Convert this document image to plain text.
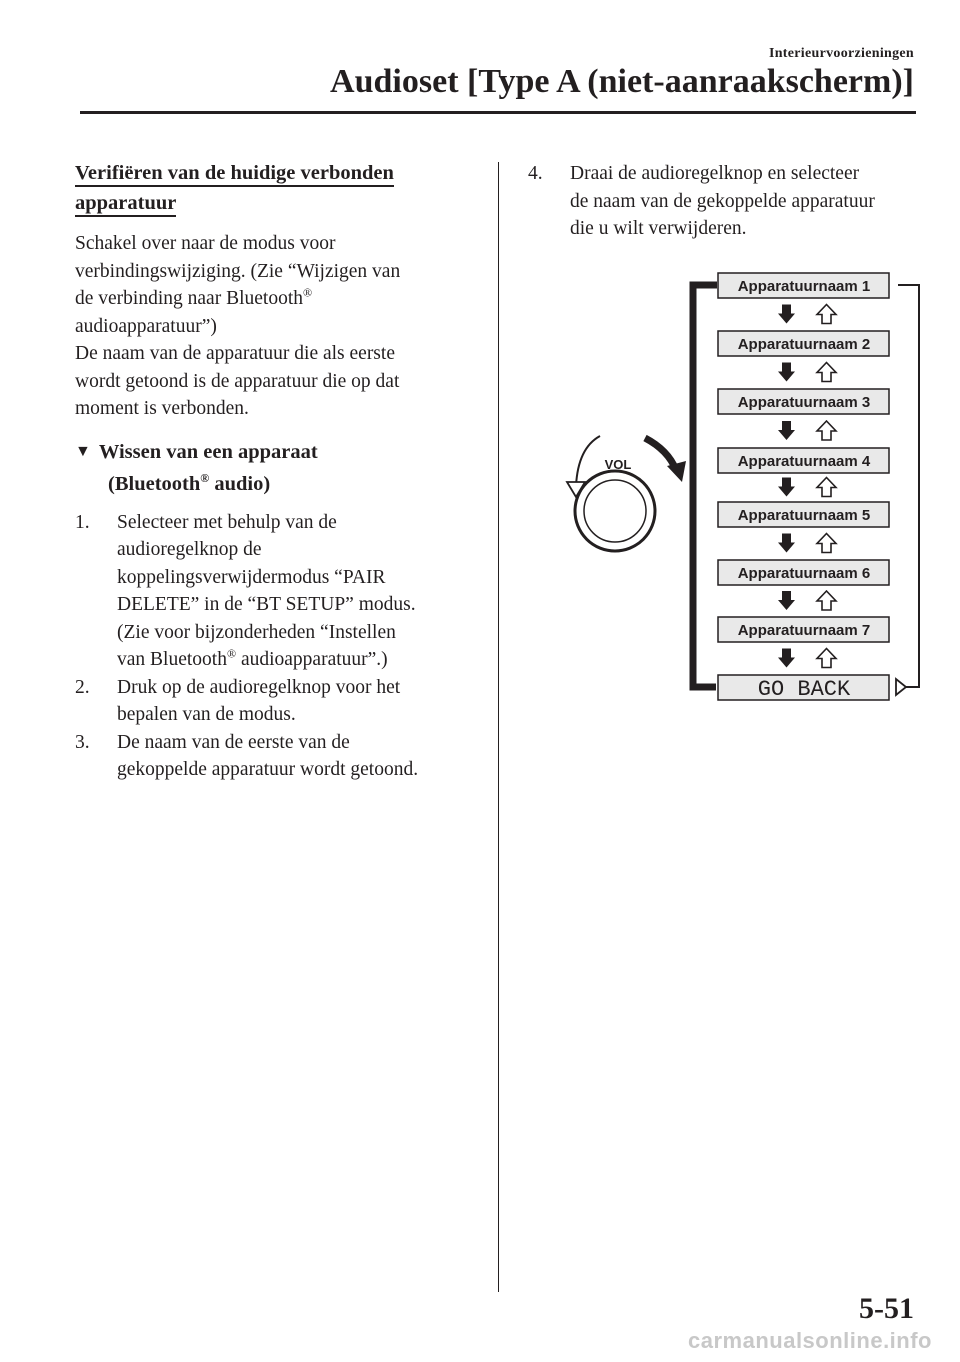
Interieurvoorzieningen
Audioset [Type A (niet-aanraakscherm)]
Verifiëren van de huidige verbonden
apparatuur

Schakel over naar de modus voor

verbindingswijziging. (Zie “Wijzigen van

de verbinding naar Bluetooth®

audioapparatuur”)

De naam van de apparatuur die als eerste

wordt getoond is de apparatuur die op dat

moment is verbonden.

▼ Wissen van een apparaat
(Bluetooth® audio)
1. Selecteer met behulp van de
audioregelknop de
koppelingsverwijdermodus “PAIR
DELETE” in de “BT SETUP” modus.
(Zie voor bijzonderheden “Instellen
van Bluetooth® audioapparatuur”.)
2. Druk op de audioregelknop voor het
bepalen van de modus.
3. De naam van de eerste van de
gekoppelde apparatuur wordt getoond.
4. Draai de audioregelknop en selecteer
de naam van de gekoppelde apparatuur
die u wilt verwijderen.
VOL
Apparatuurnaam 1
Apparatuurnaam 2
Apparatuurnaam 3
Apparatuurnaam 4
Apparatuurnaam 5
Apparatuurnaam 6
Apparatuurnaam 7
GO BACK
5-51
carmanualsonline.info
